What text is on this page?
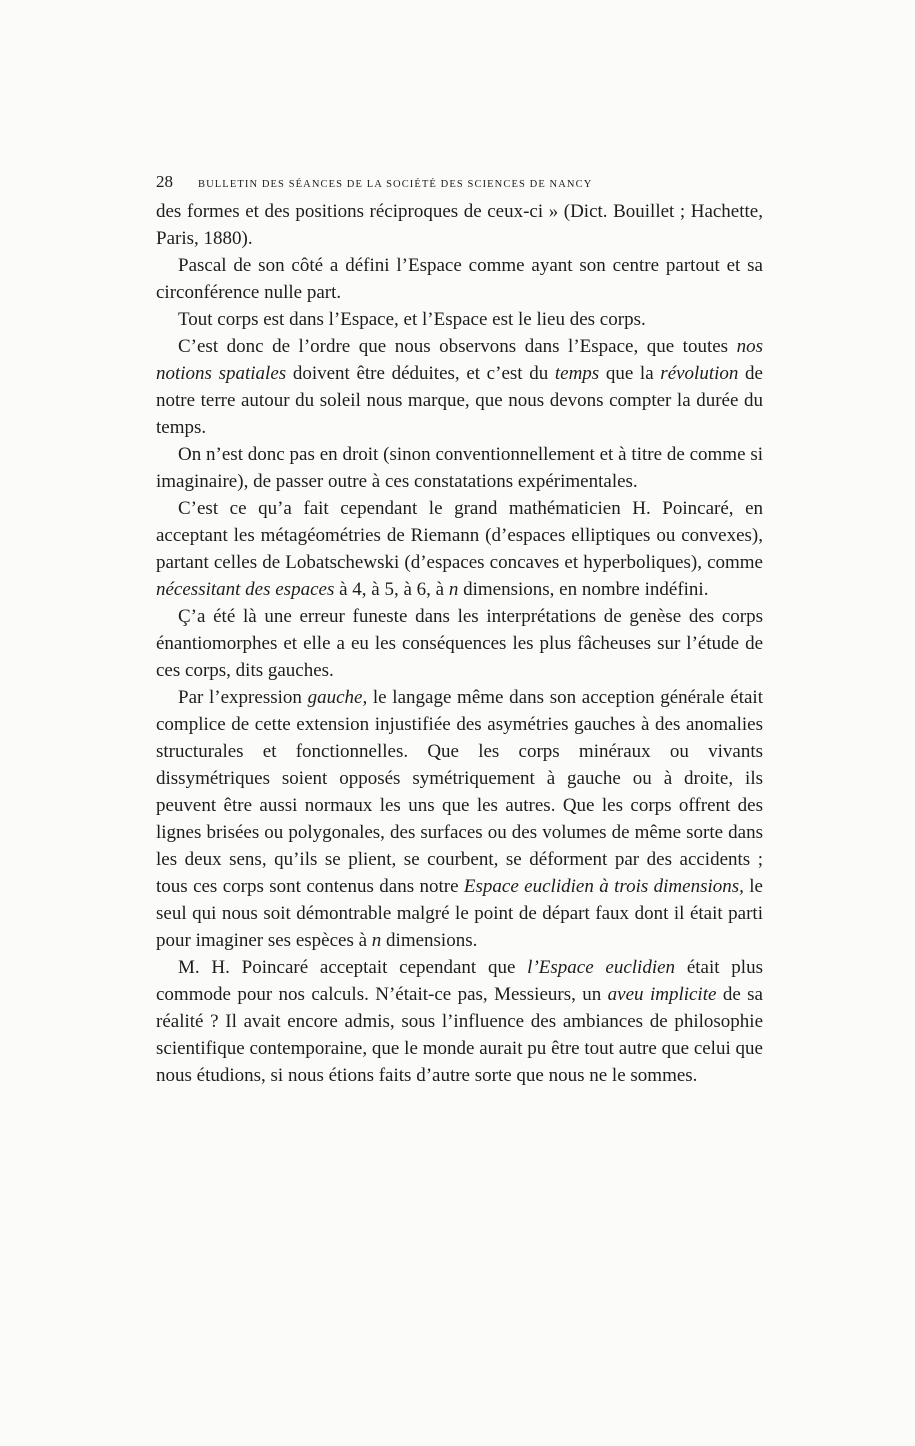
28	BULLETIN DES SÉANCES DE LA SOCIÉTÉ DES SCIENCES DE NANCY

des formes et des positions réciproques de ceux-ci » (Dict. Bouillet ; Hachette, Paris, 1880).

Pascal de son côté a défini l’Espace comme ayant son centre partout et sa circonférence nulle part.

Tout corps est dans l’Espace, et l’Espace est le lieu des corps.

C’est donc de l’ordre que nous observons dans l’Espace, que toutes nos notions spatiales doivent être déduites, et c’est du temps que la révolution de notre terre autour du soleil nous marque, que nous devons compter la durée du temps.

On n’est donc pas en droit (sinon conventionnellement et à titre de comme si imaginaire), de passer outre à ces constatations expérimentales.

C’est ce qu’a fait cependant le grand mathématicien H. Poincaré, en acceptant les métagéométries de Riemann (d’espaces elliptiques ou convexes), partant celles de Lobatschewski (d’espaces concaves et hyperboliques), comme nécessitant des espaces à 4, à 5, à 6, à n dimensions, en nombre indéfini.

Ç’a été là une erreur funeste dans les interprétations de genèse des corps énantiomorphes et elle a eu les conséquences les plus fâcheuses sur l’étude de ces corps, dits gauches.

Par l’expression gauche, le langage même dans son acception générale était complice de cette extension injustifiée des asymétries gauches à des anomalies structurales et fonctionnelles. Que les corps minéraux ou vivants dissymétriques soient opposés symétriquement à gauche ou à droite, ils peuvent être aussi normaux les uns que les autres. Que les corps offrent des lignes brisées ou polygonales, des surfaces ou des volumes de même sorte dans les deux sens, qu’ils se plient, se courbent, se déforment par des accidents ; tous ces corps sont contenus dans notre Espace euclidien à trois dimensions, le seul qui nous soit démontrable malgré le point de départ faux dont il était parti pour imaginer ses espèces à n dimensions.

M. H. Poincaré acceptait cependant que l’Espace euclidien était plus commode pour nos calculs. N’était-ce pas, Messieurs, un aveu implicite de sa réalité ? Il avait encore admis, sous l’influence des ambiances de philosophie scientifique contemporaine, que le monde aurait pu être tout autre que celui que nous étudions, si nous étions faits d’autre sorte que nous ne le sommes.
